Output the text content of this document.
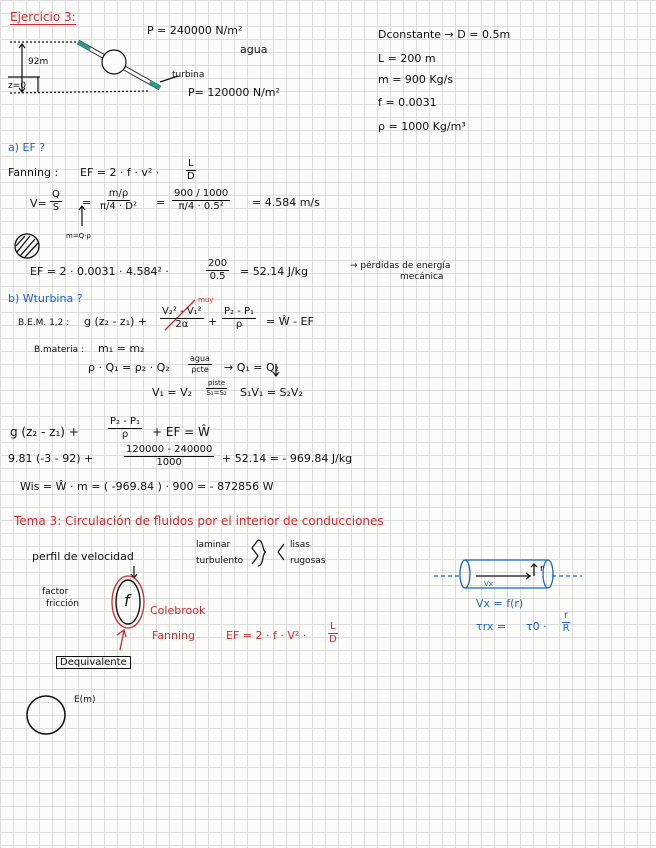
Ejercicio 3:
P = 240000 N/m²
agua
92m
z=0
turbina
P= 120000 N/m²
Dconstante → D = 0.5m
L = 200 m
m = 900 Kg/s
f = 0.0031
ρ = 1000 Kg/m³
a) EF ?
Fanning : EF = 2 · f · v² ·	$\frac{L}{D}$
$V= \frac{Q}{S} = \frac{m/\rho}{\text{π/4 · D²}} = \frac{900 / 1000}{\text{π/4 · 0.5²}} = 4.584$ m/s
m=Q·ρ
EF = 2 · 0.0031 · 4.584² ·	$\frac{200}{0.5} = 52.14$ J/kg	→ pérdidas de energía
mecánica
b) Wturbina ?
B.E.M. 1,2 : g $(z_2 - z_1) + \frac{\text{V₂² - V₁²}}{2\alpha}$
muy
+ $\frac{\text{P₂ - P₁}}{\rho}$ = Ŵ - EF
B.materia : m₁ = m₂
ρ · Q₁ = ρ₂ · Q₂
agua
ρcte → Q₁ = Q₂
V₁ = V₂
piste
S₁=S₂ S₁V₁ = S₂V₂
g (z₂ - z₁) +	$\frac{\text{P₂ - P₁}}{\rho}$ + EF = Ŵ
9.81 (-3 - 92) +	$\frac{120000 - 240000}{1000} + 52.14$ = - 969.84 J/kg
Wis = Ŵ · m = ( -969.84 ) · 900 = - 872856 W
Tema 3: Circulación de fluidos por el interior de conducciones
perfil de velocidad
laminar
turbulento
lisas
rugosas
factor
fricción	f
Colebrook
Fanning	EF = $2 \cdot f \cdot V^2 \cdot \frac{L}{D}$
Dequivalente
E(m)
Vx
r
Vx = f(r)
$\tau rx = \tau 0 \cdot \frac{r}{R}$
